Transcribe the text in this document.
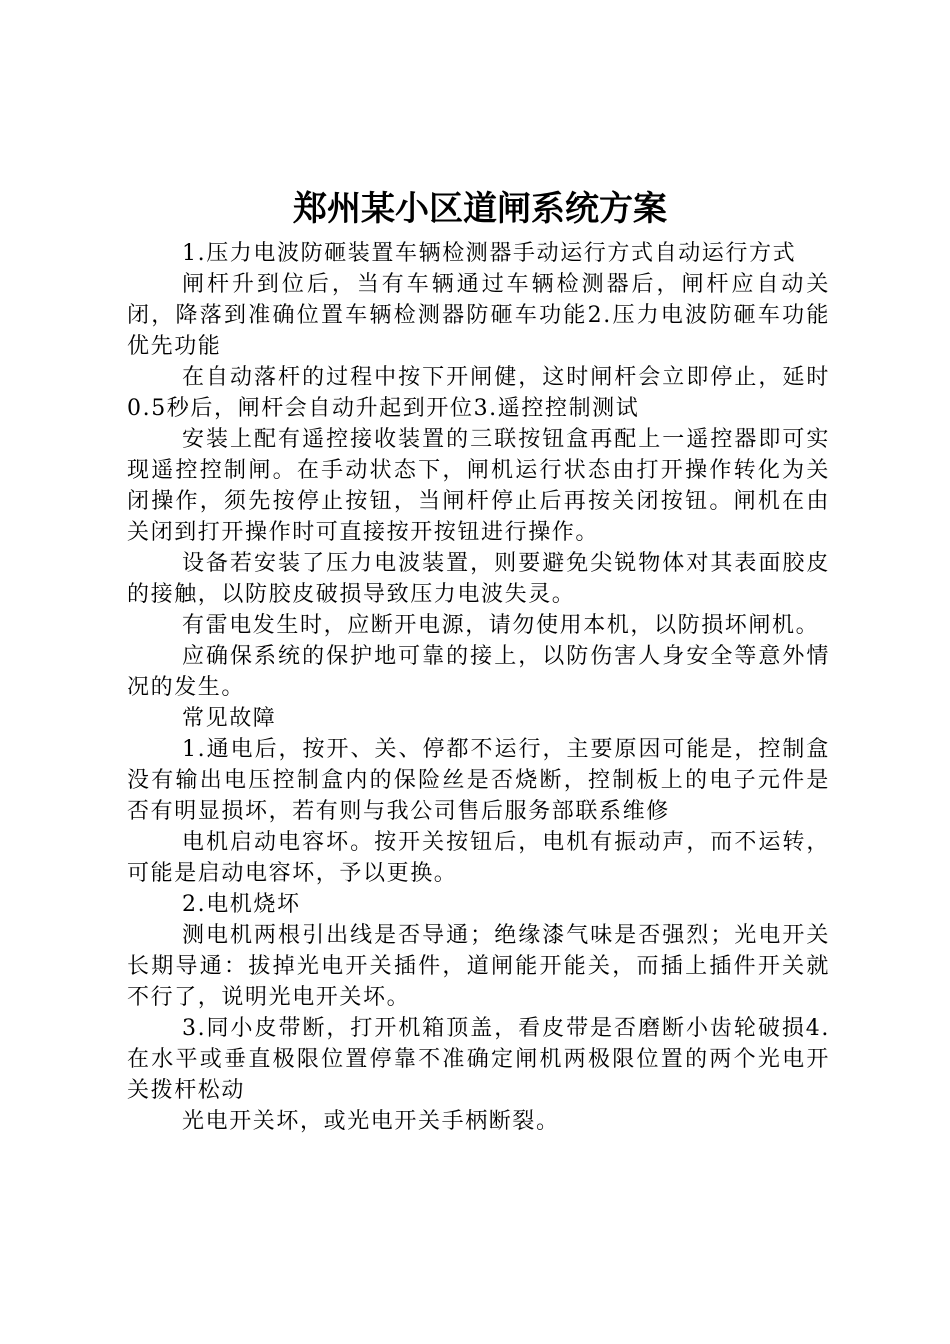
郑州某小区道闸系统方案

1.压力电波防砸装置车辆检测器手动运行方式自动运行方式

闸杆升到位后，当有车辆通过车辆检测器后，闸杆应自动关闭，降落到准确位置车辆检测器防砸车功能2.压力电波防砸车功能优先功能

在自动落杆的过程中按下开闸健，这时闸杆会立即停止，延时0.5秒后，闸杆会自动升起到开位3.遥控控制测试

安装上配有遥控接收装置的三联按钮盒再配上一遥控器即可实现遥控控制闸。在手动状态下，闸机运行状态由打开操作转化为关闭操作，须先按停止按钮，当闸杆停止后再按关闭按钮。闸机在由关闭到打开操作时可直接按开按钮进行操作。

设备若安装了压力电波装置，则要避免尖锐物体对其表面胶皮的接触，以防胶皮破损导致压力电波失灵。

有雷电发生时，应断开电源，请勿使用本机，以防损坏闸机。

应确保系统的保护地可靠的接上，以防伤害人身安全等意外情况的发生。

常见故障

1.通电后，按开、关、停都不运行，主要原因可能是，控制盒没有输出电压控制盒内的保险丝是否烧断，控制板上的电子元件是否有明显损坏，若有则与我公司售后服务部联系维修

电机启动电容坏。按开关按钮后，电机有振动声，而不运转，可能是启动电容坏，予以更换。

2.电机烧坏

测电机两根引出线是否导通；绝缘漆气味是否强烈；光电开关长期导通：拔掉光电开关插件，道闸能开能关，而插上插件开关就不行了，说明光电开关坏。

3.同小皮带断，打开机箱顶盖，看皮带是否磨断小齿轮破损4.在水平或垂直极限位置停靠不准确定闸机两极限位置的两个光电开关拨杆松动

光电开关坏，或光电开关手柄断裂。
